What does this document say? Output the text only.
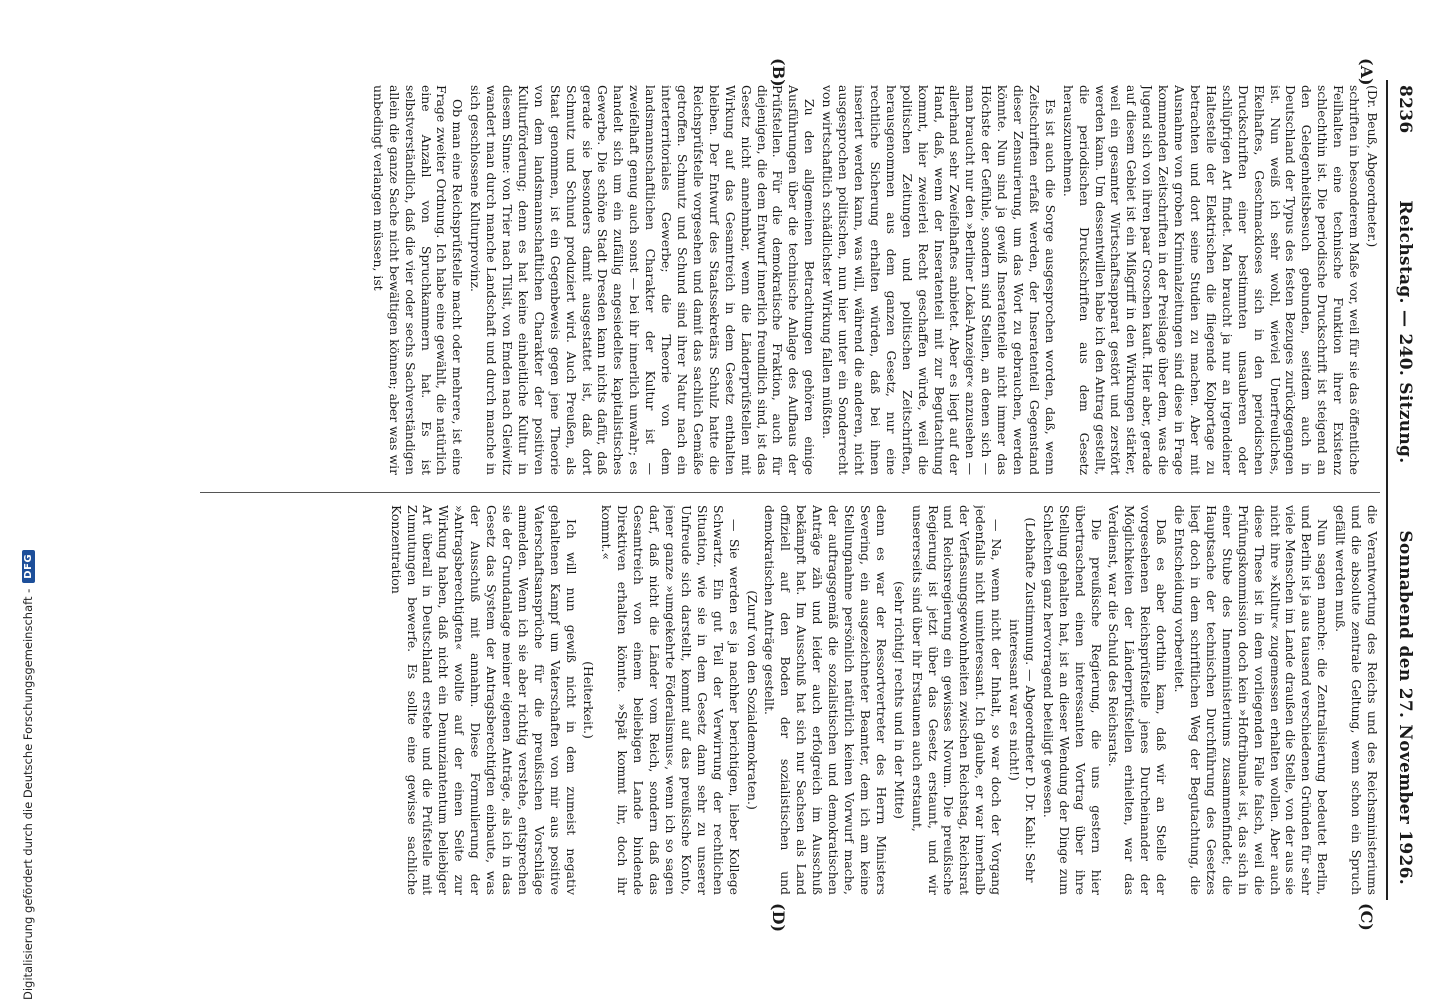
8236
Reichstag. — 240. Sitzung.
Sonnabend den 27. November 1926.
(A)
(B)
(C)
(D)

(Dr. Beuß, Abgeordneter.)

schriften in besonderem Maße vor, weil für sie das öffentliche Feilhalten eine technische Funktion ihrer Existenz schlechthin ist. Die periodische Druckschrift ist steigend an den Gelegenheitsbesuch gebunden, seitdem auch in Deutschland der Typus des festen Bezuges zurückgegangen ist. Nun weiß ich sehr wohl, wieviel Unerfreuliches, Ekelhaftes, Geschmackloses sich in den periodischen Druckschriften einer bestimmten unsauberen oder schlüpfrigen Art findet. Man braucht ja nur an irgendeiner Haltestelle der Elektrischen die fliegende Kolportage zu betrachten und dort seine Studien zu machen. Aber mit Ausnahme von groben Kriminalzeitungen sind diese in Frage kommenden Zeitschriften in der Preislage über dem, was die Jugend sich von ihren paar Groschen kauft. Hier aber, gerade auf diesem Gebiet ist ein Mißgriff in den Wirkungen stärker, weil ein gesamter Wirtschaftsapparat gestört und zerstört werden kann. Um dessentwillen habe ich den Antrag gestellt, die periodischen Druckschriften aus dem Gesetz herauszunehmen.

Es ist auch die Sorge ausgesprochen worden, daß, wenn Zeitschriften erfaßt werden, der Inseratenteil Gegenstand dieser Zensurierung, um das Wort zu gebrauchen, werden könnte. Nun sind ja gewiß Inseratenteile nicht immer das Höchste der Gefühle, sondern sind Stellen, an denen sich — man braucht nur den »Berliner Lokal-Anzeiger« anzusehen — allerhand sehr Zweifelhaftes anbietet. Aber es liegt auf der Hand, daß, wenn der Inseratenteil mit zur Begutachtung kommt, hier zweierlei Recht geschaffen würde, weil die politischen Zeitungen und politischen Zeitschriften, herausgenommen aus dem ganzen Gesetz, nur eine rechtliche Sicherung erhalten würden, daß bei ihnen inseriert werden kann, was will, während die anderen, nicht ausgesprochen politischen, nun hier unter ein Sonderrecht von wirtschaftlich schädlichster Wirkung fallen müßten.

Zu den allgemeinen Betrachtungen gehören einige Ausführungen über die technische Anlage des Aufbaus der Prüfstellen. Für die demokratische Fraktion, auch für diejenigen, die dem Entwurf innerlich freundlich sind, ist das Gesetz nicht annehmbar, wenn die Länderprüfstellen mit Wirkung auf das Gesamtreich in dem Gesetz enthalten bleiben. Der Entwurf des Staatssekretärs Schulz hatte die Reichsprüfstelle vorgesehen und damit das sachlich Gemäße getroffen. Schmutz und Schund sind ihrer Natur nach ein interterritoriales Gewerbe; die Theorie von dem landsmannschaftlichen Charakter der Kultur ist — zweifelhaft genug auch sonst — bei ihr innerlich unwahr; es handelt sich um ein zufällig angesiedeltes kapitalistisches Gewerbe. Die schöne Stadt Dresden kann nichts dafür, daß gerade sie besonders damit ausgestattet ist, daß dort Schmutz und Schund produziert wird. Auch Preußen, als Staat genommen, ist ein Gegenbeweis gegen jene Theorie von dem landsmannschaftlichen Charakter der positiven Kulturförderung; denn es hat keine einheitliche Kultur in diesem Sinne: von Trier nach Tilsit, von Emden nach Gleiwitz wandert man durch manche Landschaft und durch manche in sich geschlossene Kulturprovinz.

Ob man eine Reichsprüfstelle macht oder mehrere, ist eine Frage zweiter Ordnung. Ich habe eine gewählt, die natürlich eine Anzahl von Spruchkammern hat. Es ist selbstverständlich, daß die vier oder sechs Sachverständigen allein die ganze Sache nicht bewältigen können; aber was wir unbedingt verlangen müssen, ist

die Verantwortung des Reichs und des Reichsministeriums und die absolute zentrale Geltung, wenn schon ein Spruch gefällt werden muß.

Nun sagen manche: die Zentralisierung bedeutet Berlin, und Berlin ist ja aus tausend verschiedenen Gründen für sehr viele Menschen im Lande draußen die Stelle, von der aus sie nicht ihre »Kultur« zugemessen erhalten wollen. Aber auch diese These ist in dem vorliegenden Falle falsch, weil die Prüfungskommission doch kein »Hoftribunal« ist, das sich in einer Stube des Innenministeriums zusammenfindet; die Hauptsache der technischen Durchführung des Gesetzes liegt doch in dem schriftlichen Weg der Begutachtung, die die Entscheidung vorbereitet.

Daß es aber dorthin kam, daß wir an Stelle der vorgesehenen Reichsprüfstelle jenes Durcheinander der Möglichkeiten der Länderprüfstellen erhielten, war das Verdienst, war die Schuld des Reichsrats.

Die preußische Regierung, die uns gestern hier übertraschend einen interessanten Vortrag über ihre Stellung gehalten hat, ist an dieser Wendung der Dinge zum Schlechten ganz hervorragend beteiligt gewesen.

(Lebhafte Zustimmung. — Abgeordneter D. Dr. Kahl: Sehr interessant war es nicht!)

— Na, wenn nicht der Inhalt, so war doch der Vorgang jedenfalls nicht uninteressant. Ich glaube, er war innerhalb der Verfassungsgewohnheiten zwischen Reichstag, Reichsrat und Reichsregierung ein gewisses Novum. Die preußische Regierung ist jetzt über das Gesetz erstaunt, und wir unsererseits sind über ihr Erstaunen auch erstaunt,

(sehr richtig! rechts und in der Mitte)

denn es war der Ressortvertreter des Herrn Ministers Severing, ein ausgezeichneter Beamter, dem ich am keine Stellungnahme persönlich natürlich keinen Vorwurf mache, der auftragsgemäß die sozialistischen und demokratischen Anträge zäh und leider auch erfolgreich im Ausschuß bekämpft hat. Im Ausschuß hat sich nur Sachsen als Land offiziell auf den Boden der sozialistischen und demokratischen Anträge gestellt.

(Zuruf von den Sozialdemokraten.)

— Sie werden es ja nachher berichtigen, lieber Kollege Schwartz. Ein gut Teil der Verwirrung der rechtlichen Situation, wie sie in dem Gesetz dann sehr zu unserer Unfreude sich darstellt, kommt auf das preußische Konto, jener ganze »umgekehrte Föderalismus«, wenn ich so sagen darf, daß nicht die Länder vom Reich, sondern daß das Gesamtreich von einem beliebigen Lande bindende Direktiven erhalten könnte. »Spät kommt ihr, doch ihr kommt.«

(Heiterkeit.)

Ich will nun gewiß nicht in dem zumeist negativ gehaltenen Kampf um Vaterschaften von mir aus positive Vaterschaftsansprüche für die preußischen Vorschläge anmelden. Wenn ich sie aber richtig verstehe, entsprechen sie der Grundanlage meiner eigenen Anträge, als ich in das Gesetz das System der Antragsberechtigten einbaute, was der Ausschuß mit annahm. Diese Formulierung der »Antragsberechtigten« wollte auf der einen Seite zur Wirkung haben, daß nicht ein Denunziantentum beliebiger Art überall in Deutschland erstehe und die Prüfstelle mit Zumutungen bewerfe. Es sollte eine gewisse sachliche Konzentration

Digitalisierung gefördert durch die Deutsche Forschungsgemeinschaft -
DFG
